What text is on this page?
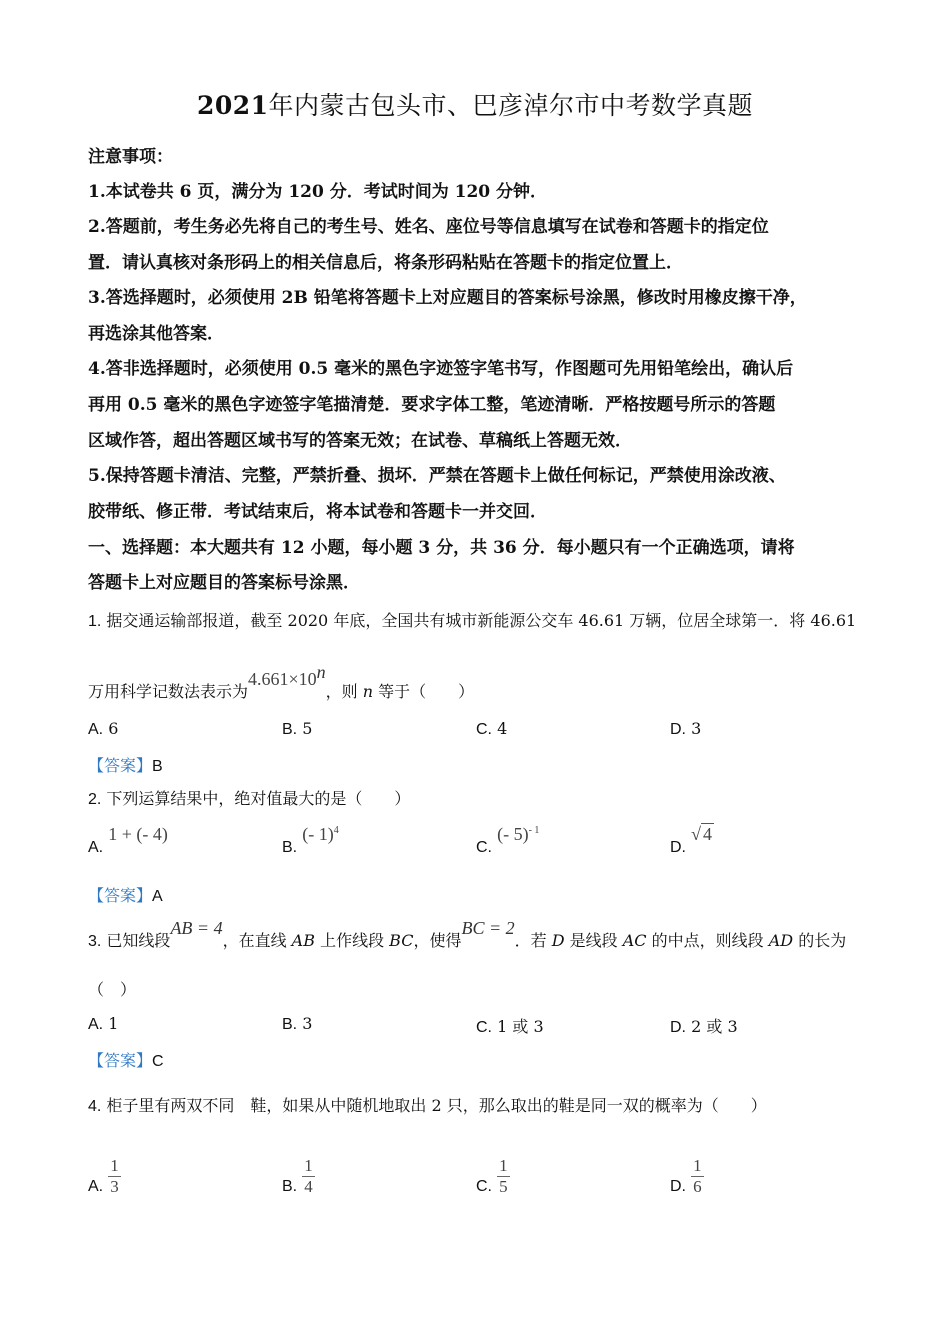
2021年内蒙古包头市、巴彦淖尔市中考数学真题
注意事项：
1.本试卷共 6 页，满分为 120 分．考试时间为 120 分钟．
2.答题前，考生务必先将自己的考生号、姓名、座位号等信息填写在试卷和答题卡的指定位
置．请认真核对条形码上的相关信息后，将条形码粘贴在答题卡的指定位置上．
3.答选择题时，必须使用 2B 铅笔将答题卡上对应题目的答案标号涂黑，修改时用橡皮擦干净，
再选涂其他答案．
4.答非选择题时，必须使用 0.5 毫米的黑色字迹签字笔书写，作图题可先用铅笔绘出，确认后
再用 0.5 毫米的黑色字迹签字笔描清楚．要求字体工整，笔迹清晰．严格按题号所示的答题
区域作答，超出答题区域书写的答案无效；在试卷、草稿纸上答题无效．
5.保持答题卡清洁、完整，严禁折叠、损坏．严禁在答题卡上做任何标记，严禁使用涂改液、
胶带纸、修正带．考试结束后，将本试卷和答题卡一并交回．
一、选择题：本大题共有 12 小题，每小题 3 分，共 36 分．每小题只有一个正确选项，请将
答题卡上对应题目的答案标号涂黑．
1. 据交通运输部报道，截至 2020 年底，全国共有城市新能源公交车 46.61 万辆，位居全球第一．将 46.61
万用科学记数法表示为$4.661\times 10^n$，则 n 等于（　　）
A. 6	B. 5	C. 4	D. 3
【答案】B
2. 下列运算结果中，绝对值最大的是（　　）
A. 1 + (- 4)
B. (- 1)$^4$
C. (- 5)$^{- 1}$
D. √ 4
【答案】A
3. 已知线段AB = 4，在直线 AB 上作线段 BC，使得BC = 2．若 D 是线段 AC 的中点，则线段 AD 的长为
（　）
A. 1	B. 3	C. 1 或 3	D. 2 或 3
【答案】C
4. 柜子里有两双不同　鞋，如果从中随机地取出 2 只，那么取出的鞋是同一双的概率为（　　）
A. $\frac{1}{3}$	B. $\frac{1}{4}$	C. $\frac{1}{5}$	D. $\frac{1}{6}$
